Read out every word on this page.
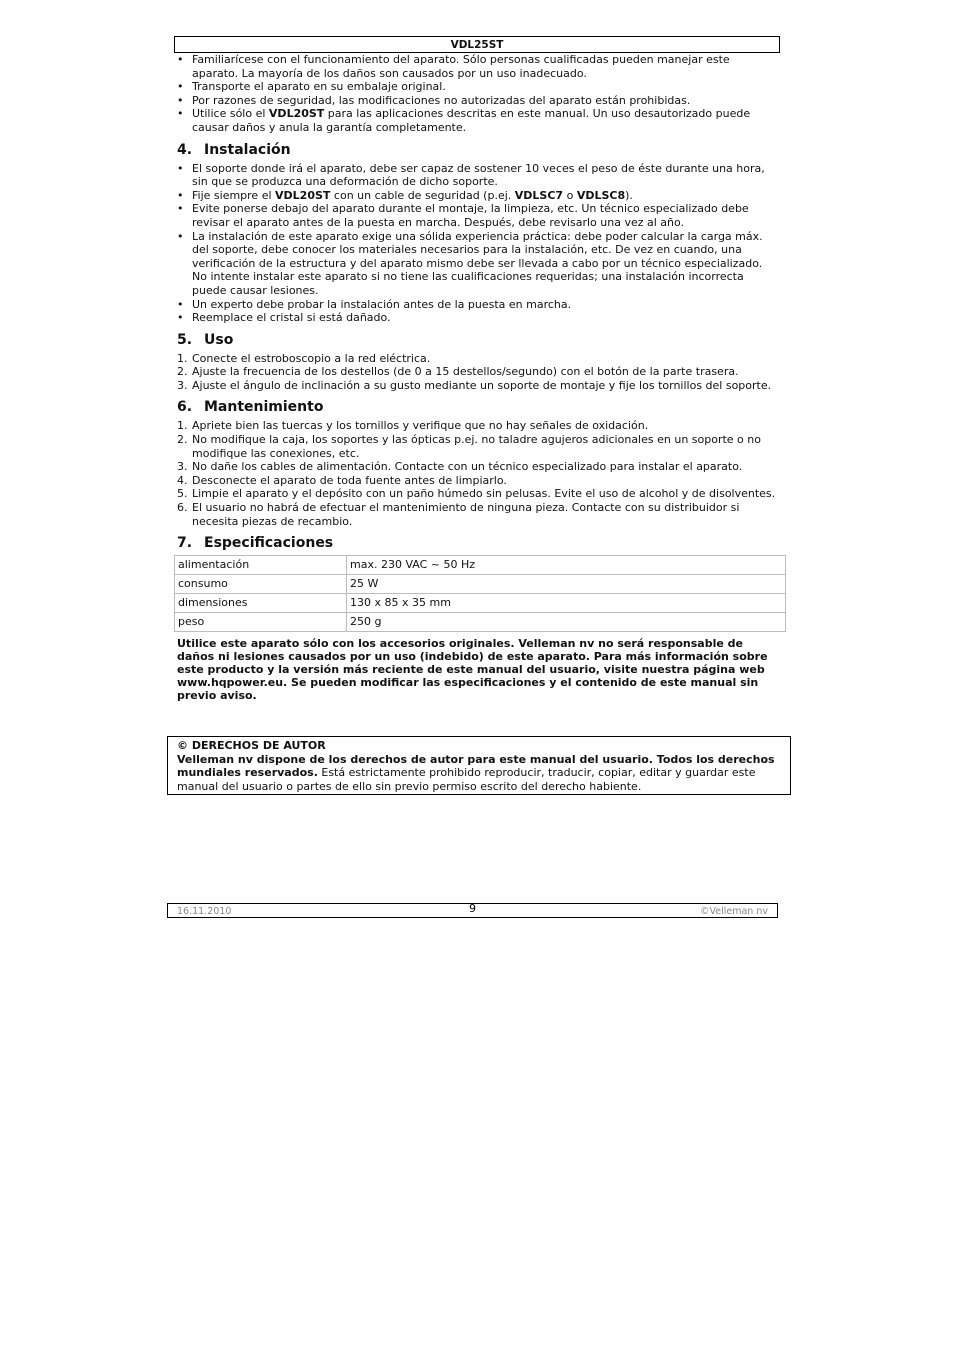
VDL25ST
• Familiarícese con el funcionamiento del aparato. Sólo personas cualificadas pueden manejar este aparato. La mayoría de los daños son causados por un uso inadecuado.
• Transporte el aparato en su embalaje original.
• Por razones de seguridad, las modificaciones no autorizadas del aparato están prohibidas.
• Utilice sólo el VDL20ST para las aplicaciones descritas en este manual. Un uso desautorizado puede causar daños y anula la garantía completamente.
4. Instalación
• El soporte donde irá el aparato, debe ser capaz de sostener 10 veces el peso de éste durante una hora, sin que se produzca una deformación de dicho soporte.
• Fije siempre el VDL20ST con un cable de seguridad (p.ej. VDLSC7 o VDLSC8).
• Evite ponerse debajo del aparato durante el montaje, la limpieza, etc. Un técnico especializado debe revisar el aparato antes de la puesta en marcha. Después, debe revisarlo una vez al año.
• La instalación de este aparato exige una sólida experiencia práctica: debe poder calcular la carga máx. del soporte, debe conocer los materiales necesarios para la instalación, etc. De vez en cuando, una verificación de la estructura y del aparato mismo debe ser llevada a cabo por un técnico especializado. No intente instalar este aparato si no tiene las cualificaciones requeridas; una instalación incorrecta puede causar lesiones.
• Un experto debe probar la instalación antes de la puesta en marcha.
• Reemplace el cristal si está dañado.
5. Uso
1. Conecte el estroboscopio a la red eléctrica.
2. Ajuste la frecuencia de los destellos (de 0 a 15 destellos/segundo) con el botón de la parte trasera.
3. Ajuste el ángulo de inclinación a su gusto mediante un soporte de montaje y fije los tornillos del soporte.
6. Mantenimiento
1. Apriete bien las tuercas y los tornillos y verifique que no hay señales de oxidación.
2. No modifique la caja, los soportes y las ópticas p.ej. no taladre agujeros adicionales en un soporte o no modifique las conexiones, etc.
3. No dañe los cables de alimentación. Contacte con un técnico especializado para instalar el aparato.
4. Desconecte el aparato de toda fuente antes de limpiarlo.
5. Limpie el aparato y el depósito con un paño húmedo sin pelusas. Evite el uso de alcohol y de disolventes.
6. El usuario no habrá de efectuar el mantenimiento de ninguna pieza. Contacte con su distribuidor si necesita piezas de recambio.
7. Especificaciones
alimentación	max. 230 VAC ~ 50 Hz
consumo	25 W
dimensiones	130 x 85 x 35 mm
peso	250 g
Utilice este aparato sólo con los accesorios originales. Velleman nv no será responsable de daños ni lesiones causados por un uso (indebido) de este aparato. Para más información sobre este producto y la versión más reciente de este manual del usuario, visite nuestra página web www.hqpower.eu. Se pueden modificar las especificaciones y el contenido de este manual sin previo aviso.
© DERECHOS DE AUTOR
Velleman nv dispone de los derechos de autor para este manual del usuario. Todos los derechos mundiales reservados. Está estrictamente prohibido reproducir, traducir, copiar, editar y guardar este manual del usuario o partes de ello sin previo permiso escrito del derecho habiente.
16.11.2010	9	©Velleman nv
